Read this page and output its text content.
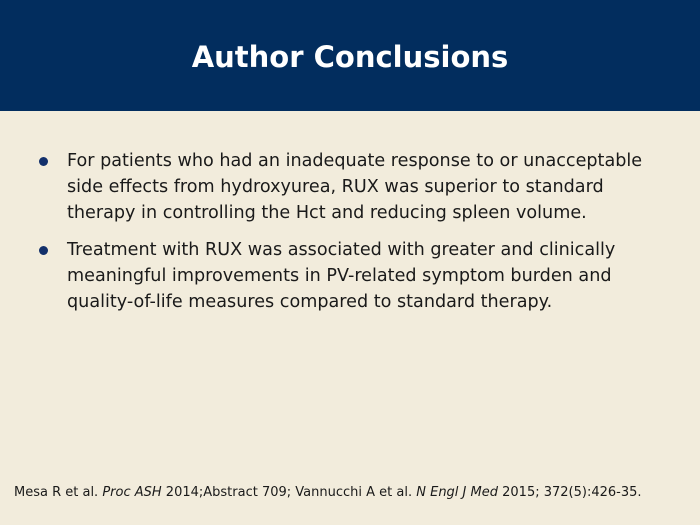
Author Conclusions
For patients who had an inadequate response to or unacceptable side effects from hydroxyurea, RUX was superior to standard therapy in controlling the Hct and reducing spleen volume.
Treatment with RUX was associated with greater and clinically meaningful improvements in PV-related symptom burden and quality-of-life measures compared to standard therapy.
Mesa R et al. Proc ASH 2014;Abstract 709; Vannucchi A et al. N Engl J Med 2015; 372(5):426-35.
